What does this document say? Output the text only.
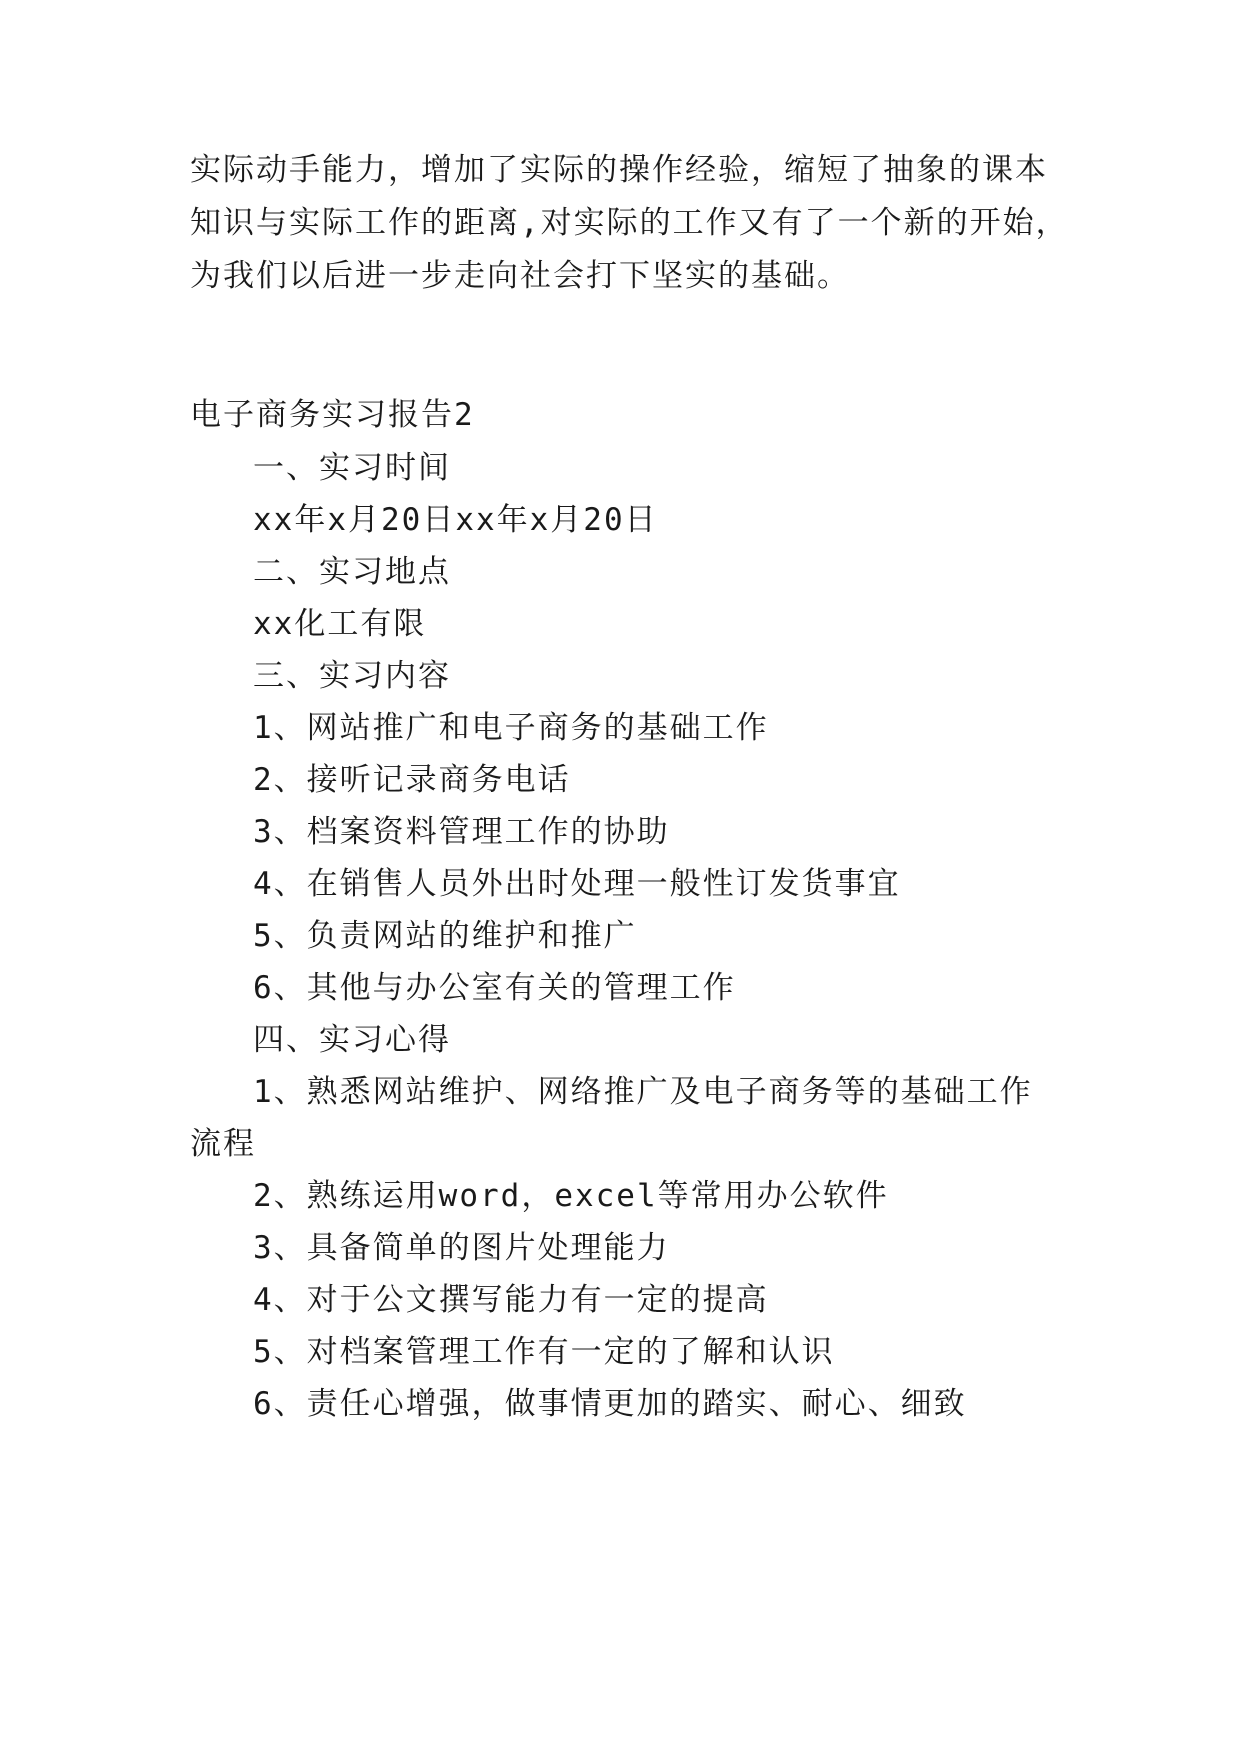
实际动手能力，增加了实际的操作经验，缩短了抽象的课本
知识与实际工作的距离,对实际的工作又有了一个新的开始，
为我们以后进一步走向社会打下坚实的基础。
电子商务实习报告2
一、实习时间
xx年x月20日xx年x月20日
二、实习地点
xx化工有限
三、实习内容
1、网站推广和电子商务的基础工作
2、接听记录商务电话
3、档案资料管理工作的协助
4、在销售人员外出时处理一般性订发货事宜
5、负责网站的维护和推广
6、其他与办公室有关的管理工作
四、实习心得
1、熟悉网站维护、网络推广及电子商务等的基础工作
流程
2、熟练运用word，excel等常用办公软件
3、具备简单的图片处理能力
4、对于公文撰写能力有一定的提高
5、对档案管理工作有一定的了解和认识
6、责任心增强，做事情更加的踏实、耐心、细致
